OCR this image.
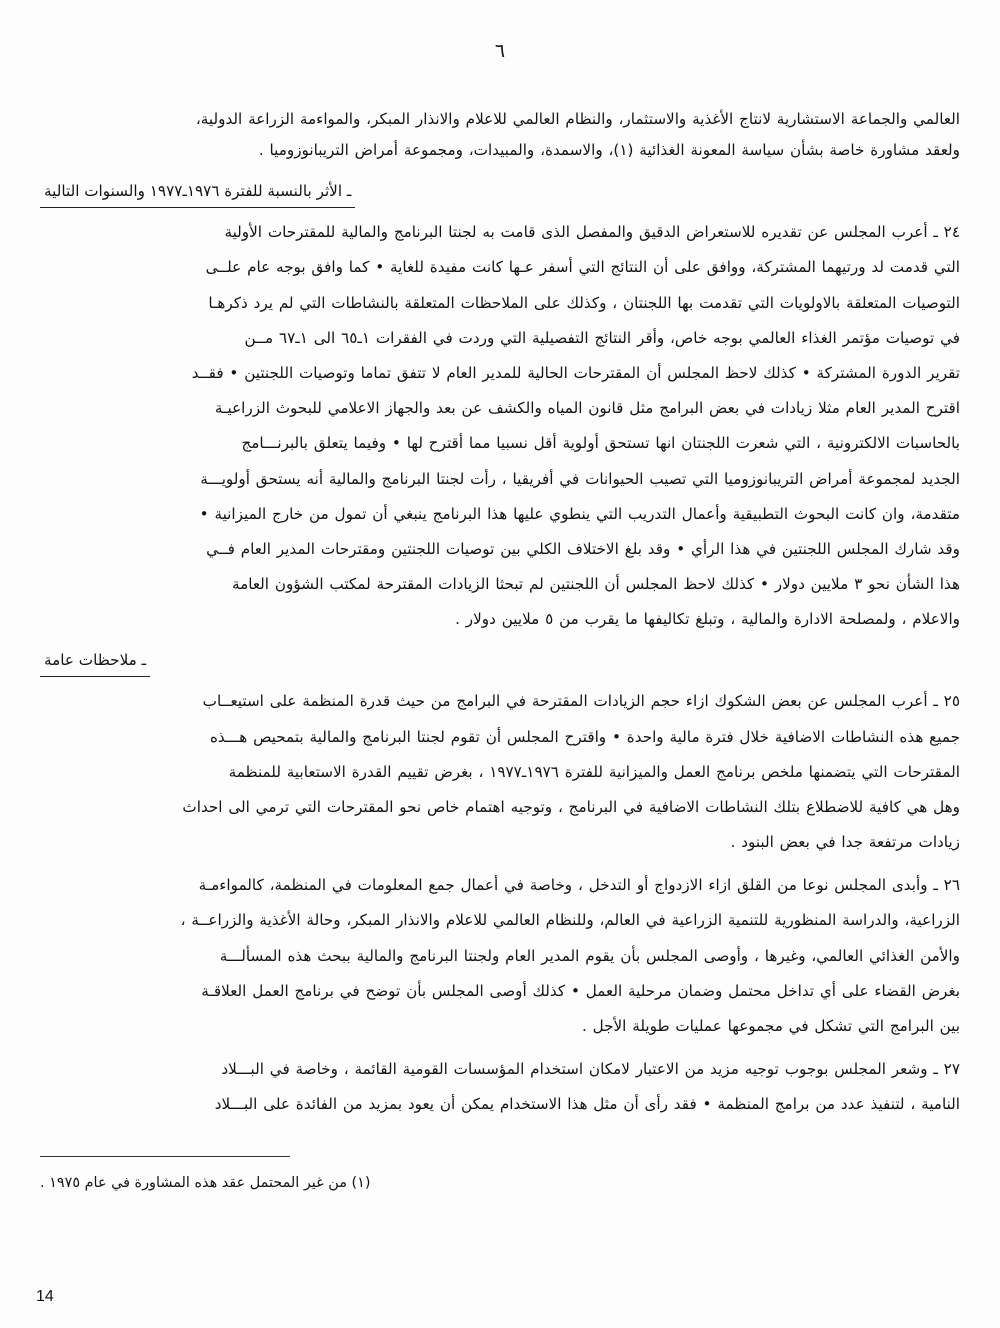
٦

العالمي والجماعة الاستشارية لانتاج الأغذية والاستثمار، والنظام العالمي للاعلام والانذار المبكر، والمواءمة الزراعة الدولية،

ولعقد مشاورة خاصة بشأن سياسة المعونة الغذائية (١)، والاسمدة، والمبيدات، ومجموعة أمراض التريبانوزوميا .

ـ الأثر بالنسبة للفترة ١٩٧٦ـ١٩٧٧ والسنوات التالية

٢٤ ـ أعرب المجلس عن تقديره للاستعراض الدقيق والمفصل الذى قامت به لجنتا البرنامج والمالية للمقترحات الأولية

التي قدمت لد ورتيهما المشتركة، ووافق على أن النتائج التي أسفر عـها كانت مفيدة للغاية • كما وافق بوجه عام علــى

التوصيات المتعلقة بالاولويات التي تقدمت بها اللجنتان ، وكذلك على الملاحظات المتعلقة بالنشاطات التي لم يرد ذكرهـا

في توصيات مؤتمر الغذاء العالمي بوجه خاص، وأقر النتائج التفصيلية التي وردت في الفقرات ١ـ٦٥ الى ١ـ٦٧ مــن

تقرير الدورة المشتركة • كذلك لاحظ المجلس أن المقترحات الحالية للمدير العام لا تتفق تماما وتوصيات اللجنتين • فقــد

اقترح المدير العام مثلا زيادات في بعض البرامج مثل قانون المياه والكشف عن بعد والجهاز الاعلامي للبحوث الزراعيـة

بالحاسبات الالكترونية ، التي شعرت اللجنتان انها تستحق أولوية أقل نسبيا مما أقترح لها • وفيما يتعلق بالبرنـــامج

الجديد لمجموعة أمراض التريبانوزوميا التي تصيب الحيوانات في أفريقيا ، رأت لجنتا البرنامج والمالية أنه يستحق أولويـــة

متقدمة، وان كانت البحوث التطبيقية وأعمال التدريب التي ينطوي عليها هذا البرنامج ينبغي أن تمول من خارج الميزانية •

وقد شارك المجلس اللجنتين في هذا الرأي • وقد بلغ الاختلاف الكلي بين توصيات اللجنتين ومقترحات المدير العام فــي

هذا الشأن نحو ٣ ملايين دولار • كذلك لاحظ المجلس أن اللجنتين لم تبحثا الزيادات المقترحة لمكتب الشؤون العامة

والاعلام ، ولمصلحة الادارة والمالية ، وتبلغ تكاليفها ما يقرب من ٥ ملايين دولار .

ـ ملاحظات عامة

٢٥ ـ أعرب المجلس عن بعض الشكوك ازاء حجم الزيادات المقترحة في البرامج من حيث قدرة المنظمة على استيعــاب

جميع هذه النشاطات الاضافية خلال فترة مالية واحدة • واقترح المجلس أن تقوم لجنتا البرنامج والمالية بتمحيص هـــذه

المقترحات التي يتضمنها ملخص برنامج العمل والميزانية للفترة ١٩٧٦ـ١٩٧٧ ، بغرض تقييم القدرة الاستعابية للمنظمة

وهل هي كافية للاضطلاع بتلك النشاطات الاضافية في البرنامج ، وتوجيه اهتمام خاص نحو المقترحات التي ترمي الى احداث

زيادات مرتفعة جدا في بعض البنود .

٢٦ ـ وأبدى المجلس نوعا من القلق ازاء الازدواج أو التدخل ، وخاصة في أعمال جمع المعلومات في المنظمة، كالمواءمـة

الزراعية، والدراسة المنظورية للتنمية الزراعية في العالم، وللنظام العالمي للاعلام والانذار المبكر، وحالة الأغذية والزراعــة ،

والأمن الغذائي العالمي، وغيرها ، وأوصى المجلس بأن يقوم المدير العام ولجنتا البرنامج والمالية ببحث هذه المسألـــة

بغرض القضاء على أي تداخل محتمل وضمان مرحلية العمل • كذلك أوصى المجلس بأن توضح في برنامج العمل العلاقـة

بين البرامج التي تشكل في مجموعها عمليات طويلة الأجل .

٢٧ ـ وشعر المجلس بوجوب توجيه مزيد من الاعتبار لامكان استخدام المؤسسات القومية القائمة ، وخاصة في البـــلاد

النامية ، لتنفيذ عدد من برامج المنظمة • فقد رأى أن مثل هذا الاستخدام يمكن أن يعود بمزيد من الفائدة على البـــلاد

(١) من غير المحتمل عقد هذه المشاورة في عام ١٩٧٥ .
14
